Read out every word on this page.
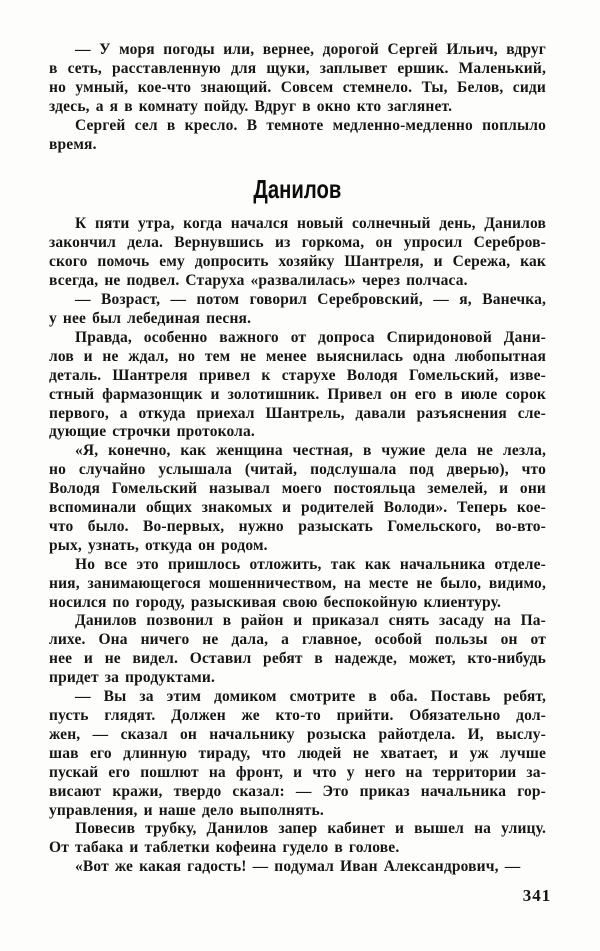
— У моря погоды или, вернее, дорогой Сергей Ильич, вдруг
в сеть, расставленную для щуки, заплывет ершик. Маленький,
но умный, кое-что знающий. Совсем стемнело. Ты, Белов, сиди
здесь, а я в комнату пойду. Вдруг в окно кто заглянет.
Сергей сел в кресло. В темноте медленно-медленно поплыло
время.
Данилов
К пяти утра, когда начался новый солнечный день, Данилов
закончил дела. Вернувшись из горкома, он упросил Серебров-
ского помочь ему допросить хозяйку Шантреля, и Сережа, как
всегда, не подвел. Старуха «развалилась» через полчаса.
— Возраст, — потом говорил Серебровский, — я, Ванечка,
у нее был лебединая песня.
Правда, особенно важного от допроса Спиридоновой Дани-
лов и не ждал, но тем не менее выяснилась одна любопытная
деталь. Шантреля привел к старухе Володя Гомельский, изве-
стный фармазонщик и золотишник. Привел он его в июле сорок
первого, а откуда приехал Шантрель, давали разъяснения сле-
дующие строчки протокола.
«Я, конечно, как женщина честная, в чужие дела не лезла,
но случайно услышала (читай, подслушала под дверью), что
Володя Гомельский называл моего постояльца земелей, и они
вспоминали общих знакомых и родителей Володи». Теперь кое-
что было. Во-первых, нужно разыскать Гомельского, во-вто-
рых, узнать, откуда он родом.
Но все это пришлось отложить, так как начальника отделе-
ния, занимающегося мошенничеством, на месте не было, видимо,
носился по городу, разыскивая свою беспокойную клиентуру.
Данилов позвонил в район и приказал снять засаду на Па-
лихе. Она ничего не дала, а главное, особой пользы он от
нее и не видел. Оставил ребят в надежде, может, кто-нибудь
придет за продуктами.
— Вы за этим домиком смотрите в оба. Поставь ребят,
пусть глядят. Должен же кто-то прийти. Обязательно дол-
жен, — сказал он начальнику розыска райотдела. И, выслу-
шав его длинную тираду, что людей не хватает, и уж лучше
пускай его пошлют на фронт, и что у него на территории за-
висают кражи, твердо сказал: — Это приказ начальника гор-
управления, и наше дело выполнять.
Повесив трубку, Данилов запер кабинет и вышел на улицу.
От табака и таблетки кофеина гудело в голове.
«Вот же какая гадость! — подумал Иван Александрович, —
341
